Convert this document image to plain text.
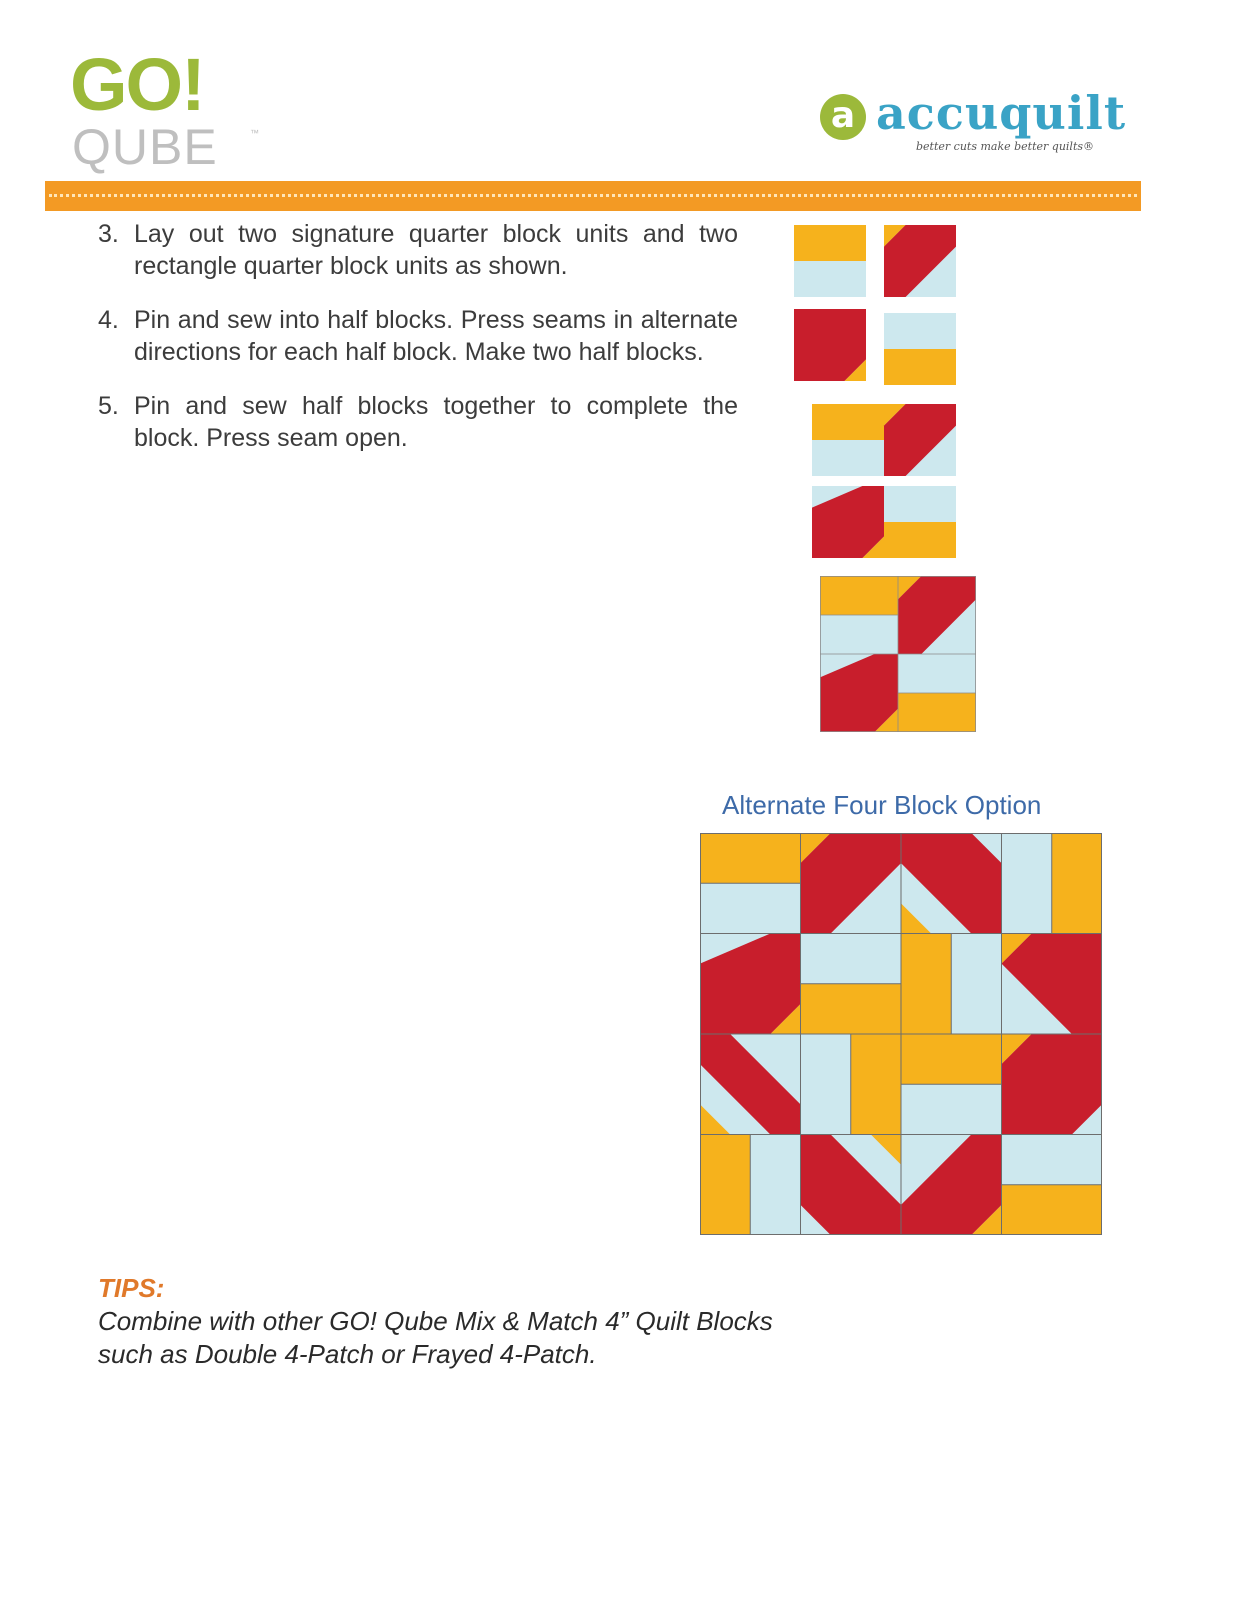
GO!
QUBE	™	a accuquilt
better cuts make better quilts®
3. Lay out two signature quarter block units and two rectangle quarter block units as shown.
4. Pin and sew into half blocks. Press seams in alternate directions for each half block. Make two half blocks.
5. Pin and sew half blocks together to complete the block. Press seam open.
Alternate Four Block Option
TIPS:
Combine with other GO! Qube Mix & Match 4” Quilt Blocks such as Double 4-Patch or Frayed 4-Patch.
